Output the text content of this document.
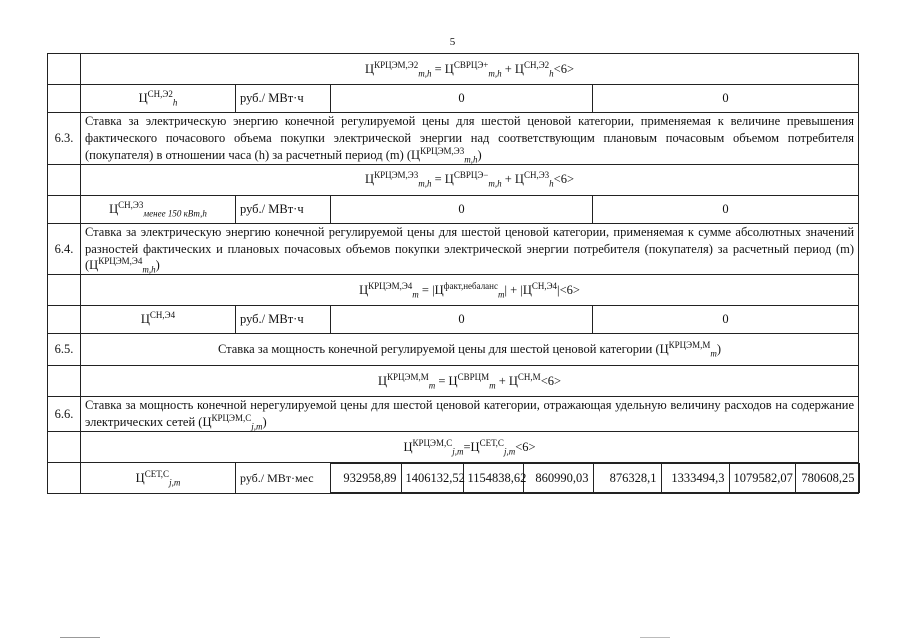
5
	$Ц^{КРЦЭМ,Э2}_{m,h} = Ц^{СВРЦЭ+}_{m,h} + Ц^{СН,Э2}_h<6>$
	$Ц^{СН,Э2}_h$	руб./ МВт·ч	0	0
6.3.	Ставка за электрическую энергию конечной регулируемой цены для шестой ценовой категории, применяемая к величине превышения фактического почасового объема покупки электрической энергии над соответствующим плановым почасовым объемом потребителя (покупателя) в отношении часа (h) за расчетный период (m) $(Ц^{КРЦЭМ,Э3}_{m,h})$
	$Ц^{КРЦЭМ,Э3}_{m,h} = Ц^{СВРЦЭ-}_{m,h} + Ц^{СН,Э3}_h<6>$
	$Ц^{СН,Э3}_{менее 150 кВт,h}$	руб./ МВт·ч	0	0
6.4.	Ставка за электрическую энергию конечной регулируемой цены для шестой ценовой категории, применяемая к сумме абсолютных значений разностей фактических и плановых почасовых объемов покупки электрической энергии потребителя (покупателя) за расчетный период (m) $(Ц^{КРЦЭМ,Э4}_{m,h})$
	$Ц^{КРЦЭМ,Э4}_m = |Ц^{факт,небаланс}_m| + |Ц^{СН,Э4}|<6>$
	$Ц^{СН,Э4}$	руб./ МВт·ч	0	0
6.5.	Ставка за мощность конечной регулируемой цены для шестой ценовой категории $(Ц^{КРЦЭМ,М}_m)$
	$Ц^{КРЦЭМ,М}_m = Ц^{СВРЦМ}_m + Ц^{СН,М}<6>$
6.6.	Ставка за мощность конечной нерегулируемой цены для шестой ценовой категории, отражающая удельную величину расходов на содержание электрических сетей $(Ц^{КРЦЭМ,С}_{j,m})$
	$Ц^{КРЦЭМ,С}_{j,m}=Ц^{СЕТ,С}_{j,m}<6>$
	$Ц^{СЕТ,С}_{j,m}$	руб./ МВт·мес	932958,89	1406132,52	1154838,62	860990,03	876328,1	1333494,3	1079582,07	780608,25
